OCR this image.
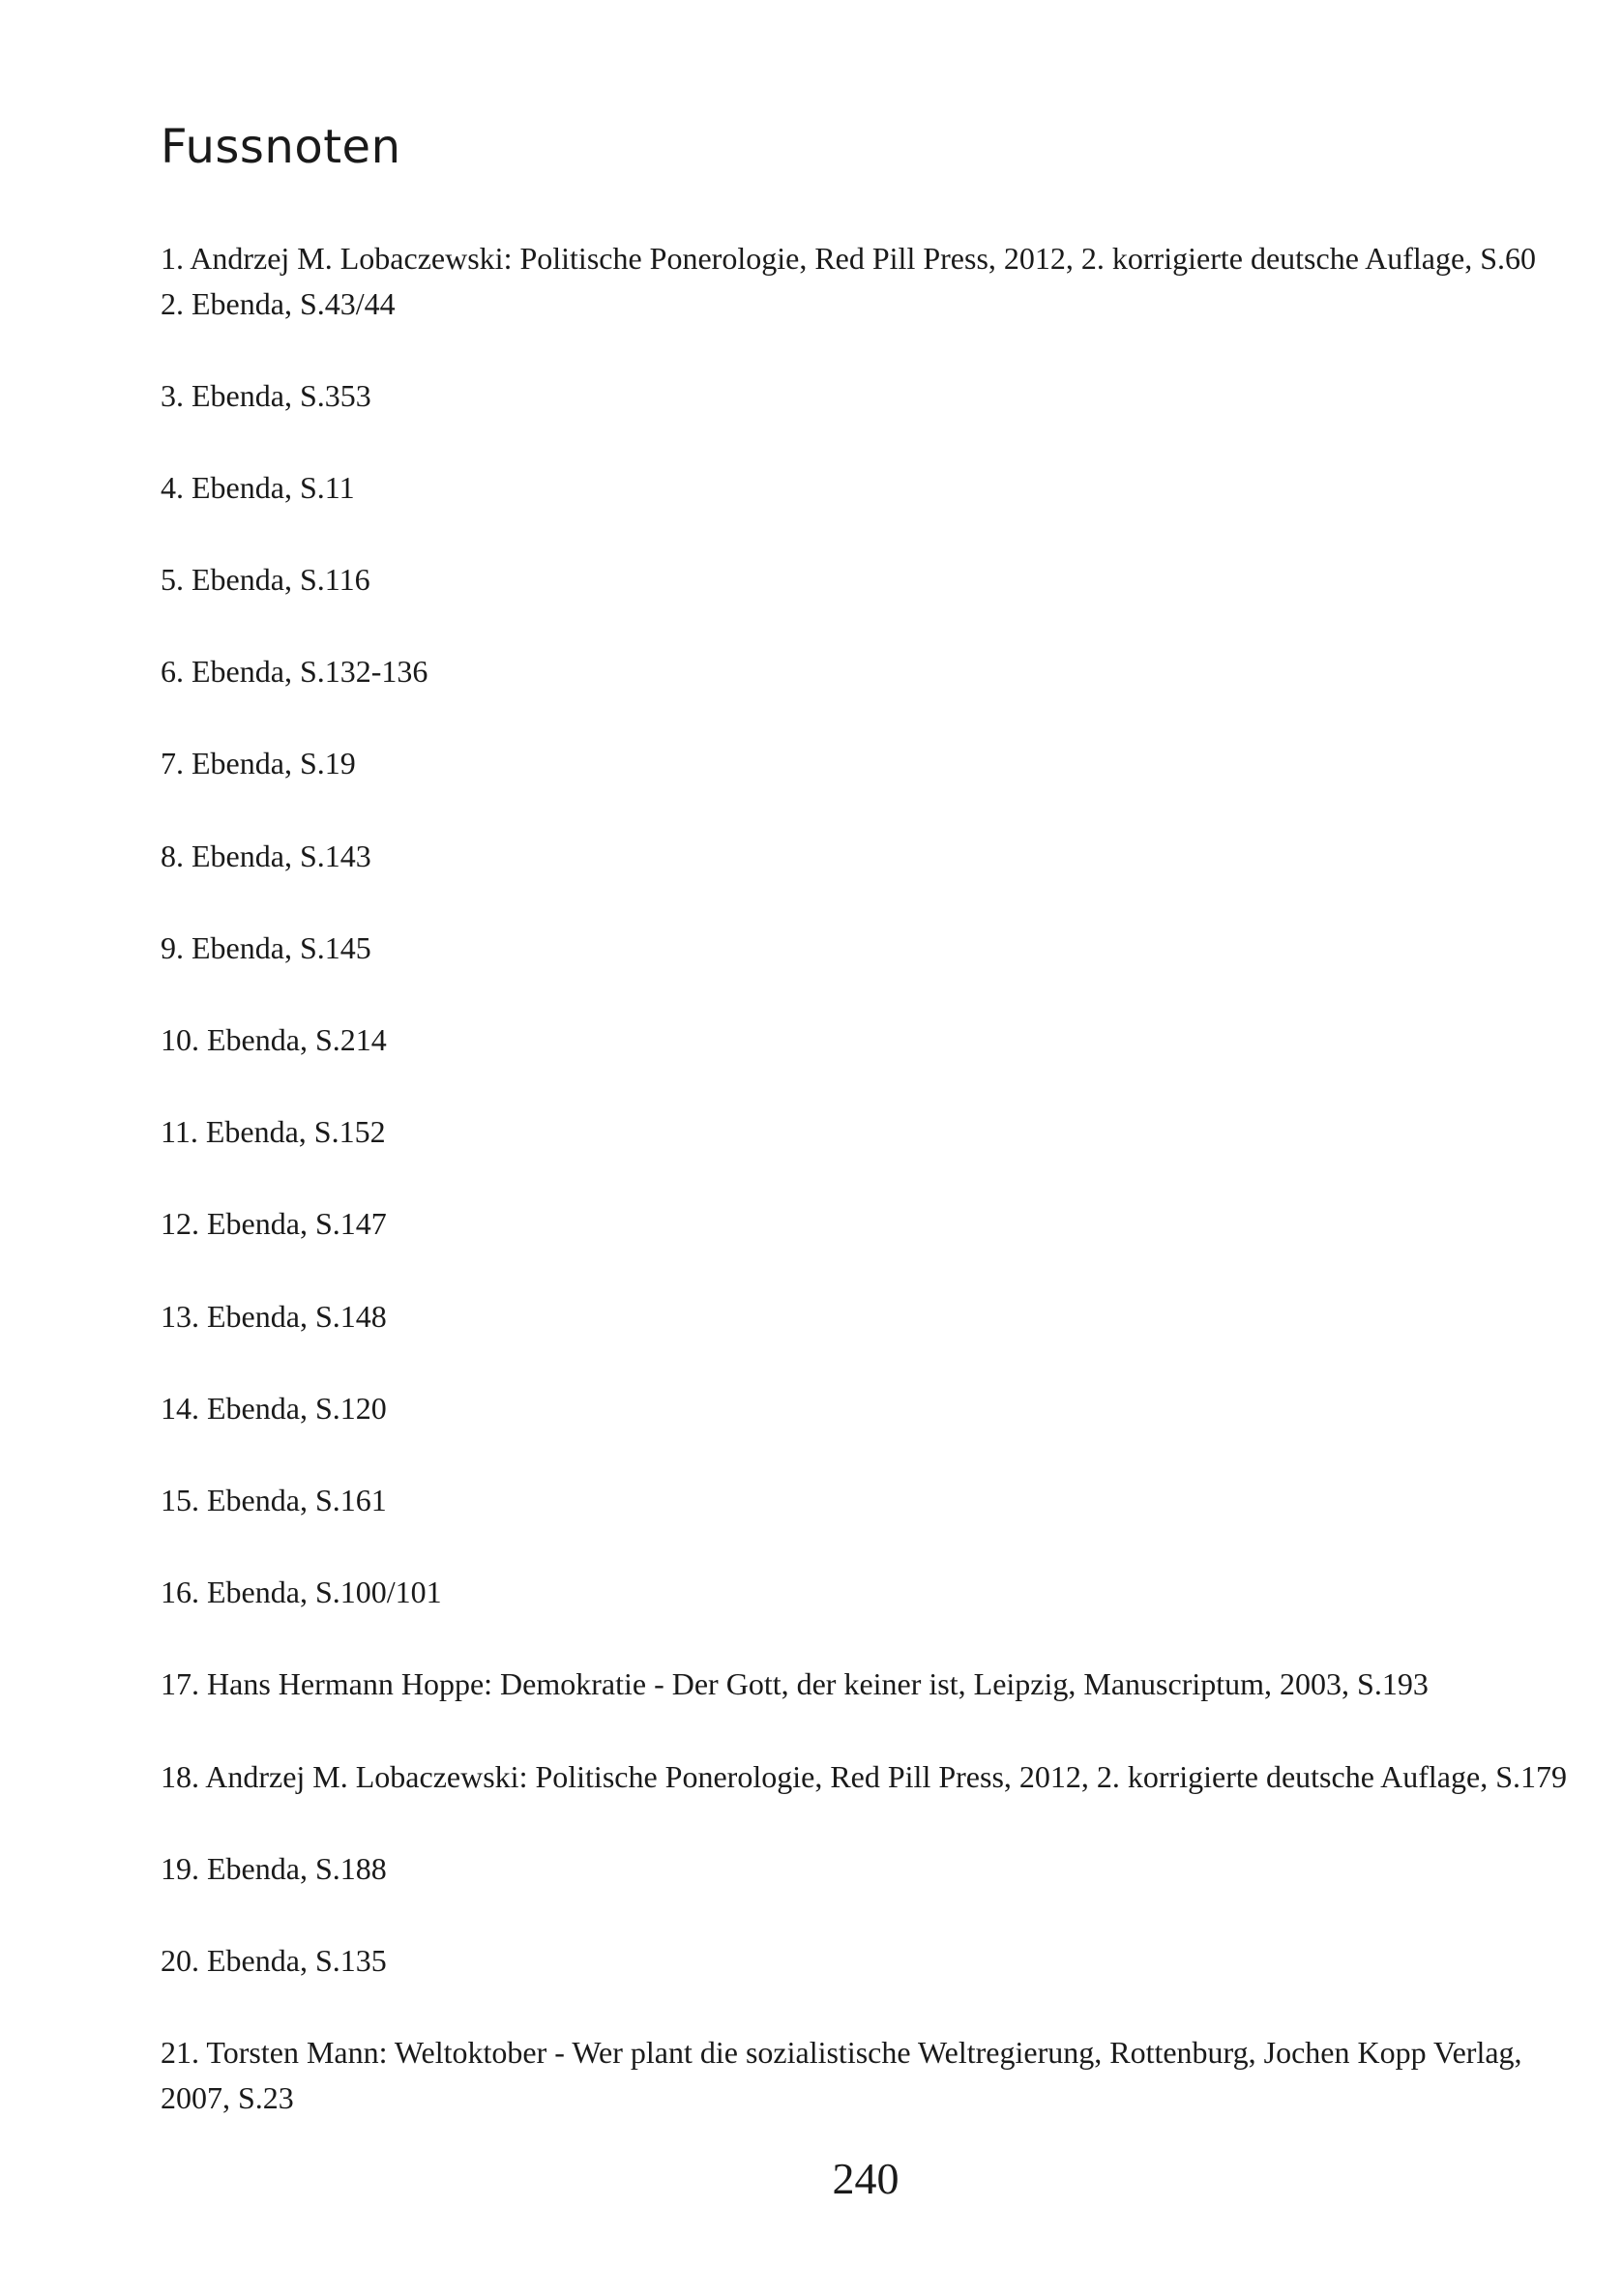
Fussnoten

1. Andrzej M. Lobaczewski: Politische Ponerologie, Red Pill Press, 2012, 2. korrigierte deutsche Auflage, S.60

2. Ebenda, S.43/44

3. Ebenda, S.353

4. Ebenda, S.11

5. Ebenda, S.116

6. Ebenda, S.132-136

7. Ebenda, S.19

8. Ebenda, S.143

9. Ebenda, S.145

10. Ebenda, S.214

11. Ebenda, S.152

12. Ebenda, S.147

13. Ebenda, S.148

14. Ebenda, S.120

15. Ebenda, S.161

16. Ebenda, S.100/101

17. Hans Hermann Hoppe: Demokratie - Der Gott, der keiner ist, Leipzig, Manuscriptum, 2003, S.193

18. Andrzej M. Lobaczewski: Politische Ponerologie, Red Pill Press, 2012, 2. korrigierte deutsche Auflage, S.179

19. Ebenda, S.188

20. Ebenda, S.135

21. Torsten Mann: Weltoktober - Wer plant die sozialistische Weltregierung, Rottenburg, Jochen Kopp Verlag, 2007, S.23

240
